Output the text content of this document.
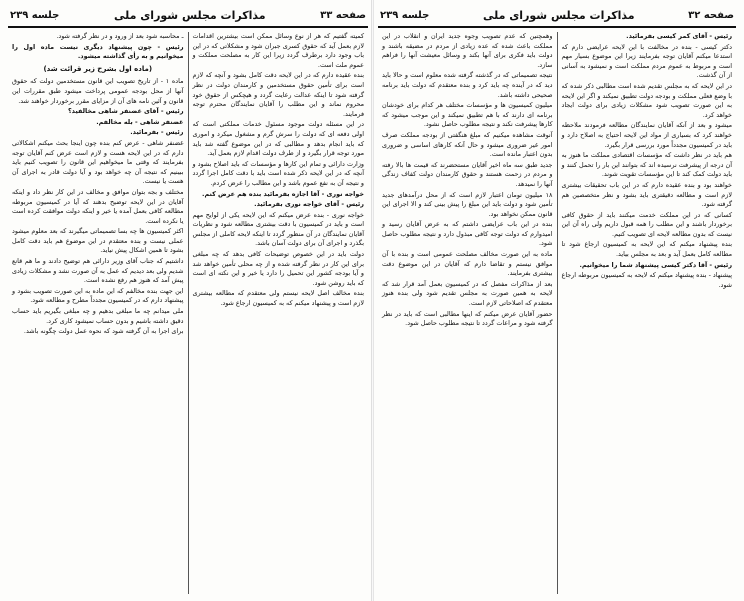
صفحه ۳۳
مذاکرات مجلس شورای ملی
جلسه ۲۳۹

کمیته گفتیم که هر از نوع وسائل ممکن است بیشترین اقدامات لازم بعمل آید که حقوق کسری جبران شود و مشکلاتی که در این باب وجود دارد برطرف گردد زیرا این کار به مصلحت مملکت و عموم ملت است.

بنده عقیده دارم که در این لایحه دقت کامل بشود و آنچه که لازم است برای تأمین حقوق مستخدمین و کارمندان دولت در نظر گرفته شود تا اینکه عدالت رعایت گردد و هیچکس از حقوق خود محروم نماند و این مطلب را آقایان نمایندگان محترم توجه فرمایند.

در این مسئله دولت موجود مسئول خدمات مملکتی است که اولی دفعه ای که دولت را سرش گرم و مشغول میکرد و اموری که باید انجام بدهد و مطالبی که در این موضوع گفته شد باید مورد توجه قرار بگیرد و از طرف دولت اقدام لازم بعمل آید.

وزارت دارائی و تمام این کارها و مؤسسات که باید اصلاح بشود و آنچه که در این لایحه ذکر شده است باید با دقت کامل اجرا گردد و نتیجه آن به نفع عموم باشد و این مطالب را عرض کردم.

خواجه نوری - آقا اجازه بفرمائید بنده هم عرض کنم.

رئیس - آقای خواجه نوری بفرمائید.

خواجه نوری - بنده عرض میکنم که این لایحه یکی از لوایح مهم است و باید در کمیسیون با دقت بیشتری مطالعه شود و نظریات آقایان نمایندگان در آن منظور گردد تا اینکه لایحه کاملی از مجلس بگذرد و اجرای آن برای دولت آسان باشد.

دولت باید در این خصوص توضیحات کافی بدهد که چه مبلغی برای این کار در نظر گرفته شده و از چه محلی تأمین خواهد شد و آیا بودجه کشور این تحمیل را دارد یا خیر و این نکته ای است که باید روشن شود.

بنده مخالف اصل لایحه نیستم ولی معتقدم که مطالعه بیشتری لازم است و پیشنهاد میکنم که به کمیسیون ارجاع شود.

ـ محاسبه شود بعد از ورود و در نظر گرفته شود.

رئیس - چون پیشنهاد دیگری نیست ماده اول را میخوانیم و به رأی گذاشته میشود.

(ماده اول بشرح زیر قرائت شد)

ماده ۱ - از تاریخ تصویب این قانون مستخدمین دولت که حقوق آنها از محل بودجه عمومی پرداخت میشود طبق مقررات این قانون و آئین نامه های آن از مزایای مقرر برخوردار خواهند شد.

رئیس - آقای غضنفر شاهی مخالفید؟

غضنفر شاهی - بله مخالفم.

رئیس - بفرمائید.

غضنفر شاهی - عرض کنم بنده چون اینجا بحث میکنم اشکالاتی دارم که در این لایحه هست و لازم است عرض کنم آقایان توجه بفرمایند که وقتی ما میخواهیم این قانون را تصویب کنیم باید ببینیم که نتیجه آن چه خواهد بود و آیا دولت قادر به اجرای آن هست یا نیست.

مختلف و بجه بتوان موافق و مخالف در این کار نظر داد و اینکه آقایان در این لایحه توضیح بدهند که آیا در کمیسیون مربوطه مطالعه کافی بعمل آمده یا خیر و اینکه دولت موافقت کرده است یا نکرده است.

اکثر کمیسیون ها چه بسا تصمیماتی میگیرند که بعد معلوم میشود عملی نیست و بنده معتقدم در این موضوع هم باید دقت کامل بشود تا همین اشکال پیش نیاید.

داشتیم که جناب آقای وزیر دارائی هم توضیح دادند و ما هم قانع شدیم ولی بعد دیدیم که عمل به آن صورت نشد و مشکلات زیادی پیش آمد که هنوز هم رفع نشده است.

این جهت بنده مخالفم که این ماده به این صورت تصویب بشود و پیشنهاد دارم که در کمیسیون مجدداً مطرح و مطالعه شود.

ملی میدانم چه ما مبلغی بدهیم و چه مبلغی بگیریم باید حساب دقیق داشته باشیم و بدون حساب نمیشود کاری کرد.

برای اجرا به آن گرفته شود که نحوه عمل دولت چگونه باشد.

صفحه ۳۲
مذاکرات مجلس شورای ملی
جلسه ۲۳۹

رئیس - آقای کمر کیسی بفرمائید.

دکتر کیسی - بنده در مخالفت با این لایحه عرایضی دارم که استدعا میکنم آقایان توجه بفرمایند زیرا این موضوع بسیار مهم است و مربوط به عموم مردم مملکت است و نمیشود به آسانی از آن گذشت.

در این لایحه که به مجلس تقدیم شده است مطالبی ذکر شده که با وضع فعلی مملکت و بودجه دولت تطبیق نمیکند و اگر این لایحه به این صورت تصویب شود مشکلات زیادی برای دولت ایجاد خواهد کرد.

میشود و بعد از آنکه آقایان نمایندگان مطالعه فرمودند ملاحظه خواهند کرد که بسیاری از مواد این لایحه احتیاج به اصلاح دارد و باید در کمیسیون مجدداً مورد بررسی قرار بگیرد.

هم باید در نظر داشت که مؤسسات اقتصادی مملکت ما هنوز به آن درجه از پیشرفت نرسیده اند که بتوانند این بار را تحمل کنند و باید دولت کمک کند تا این مؤسسات تقویت شوند.

خواهند بود و بنده عقیده دارم که در این باب تحقیقات بیشتری لازم است و مطالعه دقیقتری باید بشود و نظر متخصصین هم گرفته شود.

کسانی که در این مملکت خدمت میکنند باید از حقوق کافی برخوردار باشند و این مطلب را همه قبول داریم ولی راه آن این نیست که بدون مطالعه لایحه ای تصویب کنیم.

بنده پیشنهاد میکنم که این لایحه به کمیسیون ارجاع شود تا مطالعه کامل بعمل آید و بعد به مجلس بیاید.

رئیس - آقا دکتر کیسی پیشنهاد شما را میخوانیم.

پیشنهاد - بنده پیشنهاد میکنم که لایحه به کمیسیون مربوطه ارجاع شود.

وهمچنین که عدم تصویب وجوه جدید ایران و انقلاب در این مملکت باعث شده که عده زیادی از مردم در مضیقه باشند و دولت باید فکری برای آنها بکند و وسائل معیشت آنها را فراهم سازد.

نتیجه تصمیماتی که در گذشته گرفته شده معلوم است و حالا باید دید که در آینده چه باید کرد و بنده معتقدم که دولت باید برنامه صحیحی داشته باشد.

میلیون کمیسیون ها و مؤسسات مختلف هر کدام برای خودشان برنامه ای دارند که با هم تطبیق نمیکند و این موجب میشود که کارها پیشرفت نکند و نتیجه مطلوب حاصل نشود.

آنوقت مشاهده میکنیم که مبلغ هنگفتی از بودجه مملکت صرف امور غیر ضروری میشود و حال آنکه کارهای اساسی و ضروری بدون اعتبار مانده است.

جدید طبق سه ماه اخیر آقایان مستحضرند که قیمت ها بالا رفته و مردم در زحمت هستند و حقوق کارمندان دولت کفاف زندگی آنها را نمیدهد.

۱۸ میلیون تومان اعتبار لازم است که از محل درآمدهای جدید تأمین شود و دولت باید این مبلغ را پیش بینی کند و الا اجرای این قانون ممکن نخواهد بود.

بنده در این باب عرایضی داشتم که به عرض آقایان رسید و امیدوارم که دولت توجه کافی مبذول دارد و نتیجه مطلوب حاصل شود.

ماده به این صورت مخالف مصلحت عمومی است و بنده با آن موافق نیستم و تقاضا دارم که آقایان در این موضوع دقت بیشتری بفرمایند.

بعد از مذاکرات مفصل که در کمیسیون بعمل آمد قرار شد که لایحه به همین صورت به مجلس تقدیم شود ولی بنده هنوز معتقدم که اصلاحاتی لازم است.

حضور آقایان عرض میکنم که اینها مطالبی است که باید در نظر گرفته شود و مراعات گردد تا نتیجه مطلوب حاصل شود.
